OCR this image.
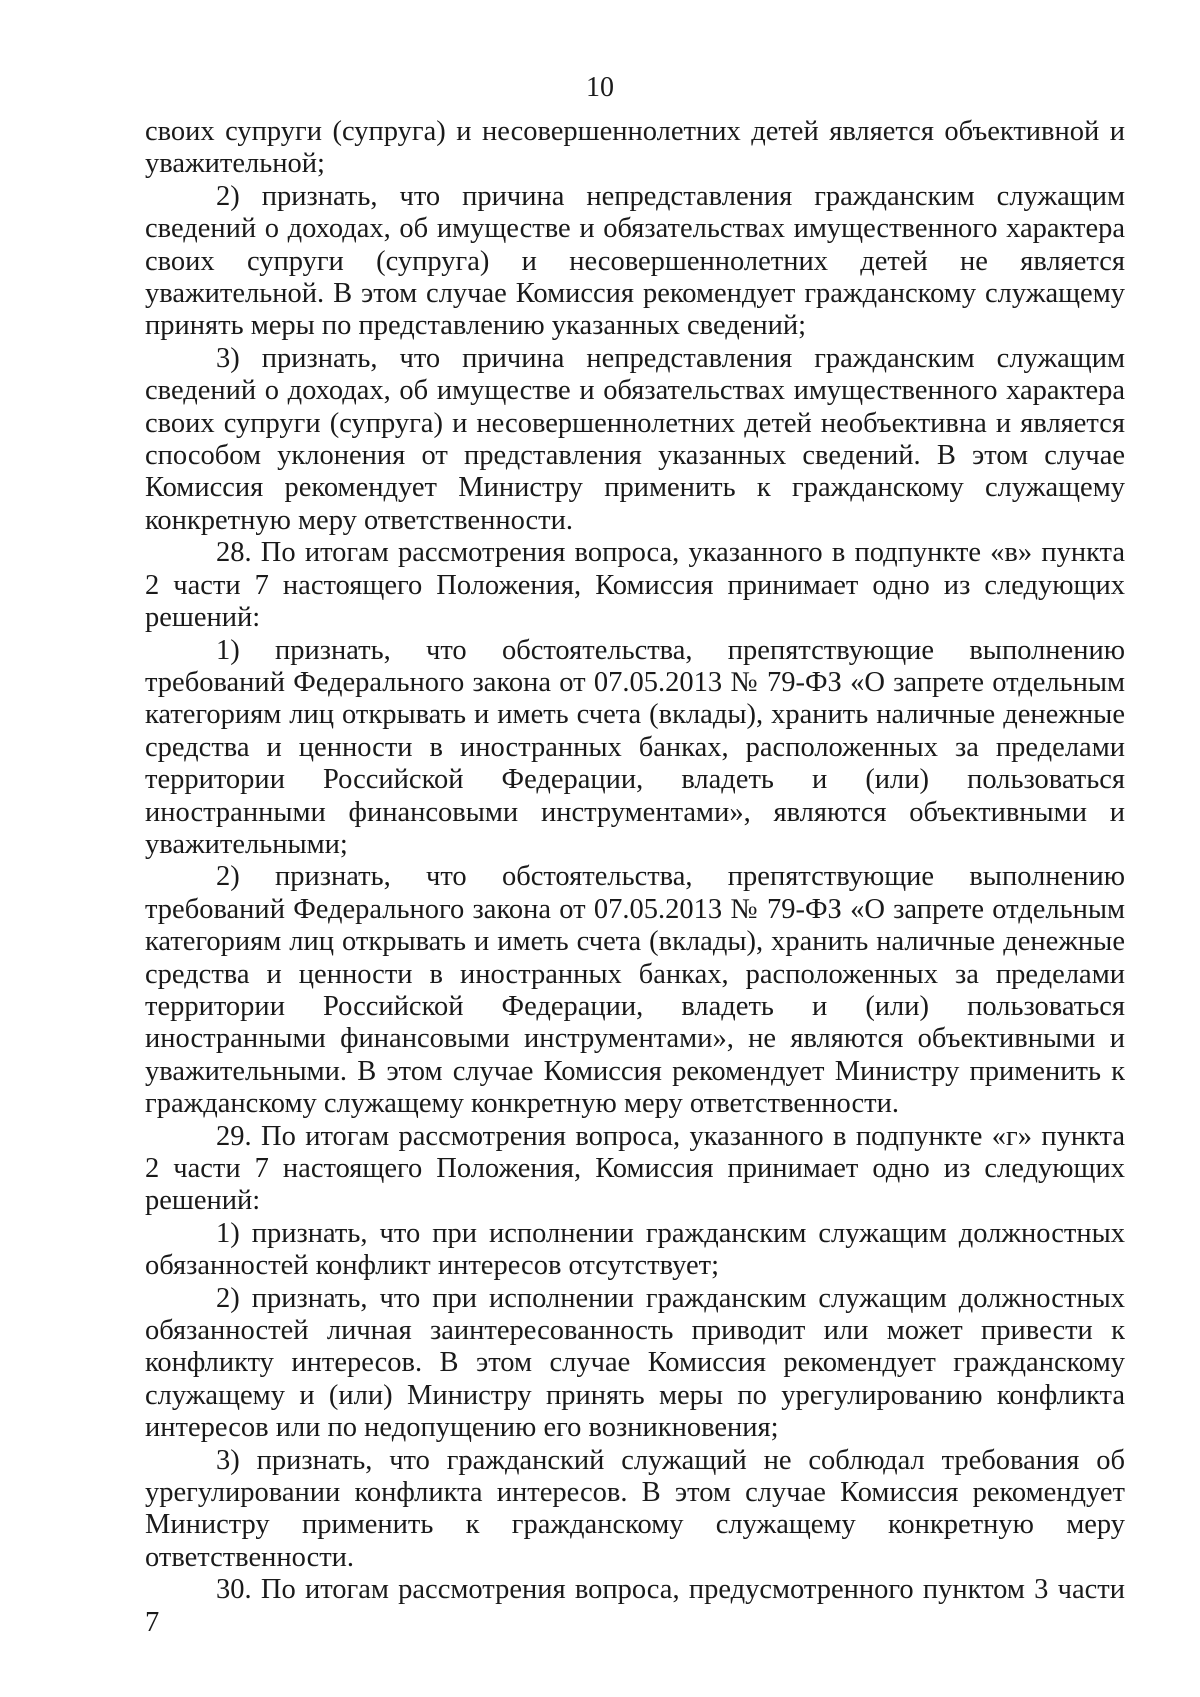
10

своих супруги (супруга) и несовершеннолетних детей является объективной и уважительной;

2) признать, что причина непредставления гражданским служащим сведений о доходах, об имуществе и обязательствах имущественного характера своих супруги (супруга) и несовершеннолетних детей не является уважительной. В этом случае Комиссия рекомендует гражданскому служащему принять меры по представлению указанных сведений;

3) признать, что причина непредставления гражданским служащим сведений о доходах, об имуществе и обязательствах имущественного характера своих супруги (супруга) и несовершеннолетних детей необъективна и является способом уклонения от представления указанных сведений. В этом случае Комиссия рекомендует Министру применить к гражданскому служащему конкретную меру ответственности.

28. По итогам рассмотрения вопроса, указанного в подпункте «в» пункта 2 части 7 настоящего Положения, Комиссия принимает одно из следующих решений:

1) признать, что обстоятельства, препятствующие выполнению требований Федерального закона от 07.05.2013 № 79-ФЗ «О запрете отдельным категориям лиц открывать и иметь счета (вклады), хранить наличные денежные средства и ценности в иностранных банках, расположенных за пределами территории Российской Федерации, владеть и (или) пользоваться иностранными финансовыми инструментами», являются объективными и уважительными;

2) признать, что обстоятельства, препятствующие выполнению требований Федерального закона от 07.05.2013 № 79-ФЗ «О запрете отдельным категориям лиц открывать и иметь счета (вклады), хранить наличные денежные средства и ценности в иностранных банках, расположенных за пределами территории Российской Федерации, владеть и (или) пользоваться иностранными финансовыми инструментами», не являются объективными и уважительными. В этом случае Комиссия рекомендует Министру применить к гражданскому служащему конкретную меру ответственности.

29. По итогам рассмотрения вопроса, указанного в подпункте «г» пункта 2 части 7 настоящего Положения, Комиссия принимает одно из следующих решений:

1) признать, что при исполнении гражданским служащим должностных обязанностей конфликт интересов отсутствует;

2) признать, что при исполнении гражданским служащим должностных обязанностей личная заинтересованность приводит или может привести к конфликту интересов. В этом случае Комиссия рекомендует гражданскому служащему и (или) Министру принять меры по урегулированию конфликта интересов или по недопущению его возникновения;

3) признать, что гражданский служащий не соблюдал требования об урегулировании конфликта интересов. В этом случае Комиссия рекомендует Министру применить к гражданскому служащему конкретную меру ответственности.

30. По итогам рассмотрения вопроса, предусмотренного пунктом 3 части 7
